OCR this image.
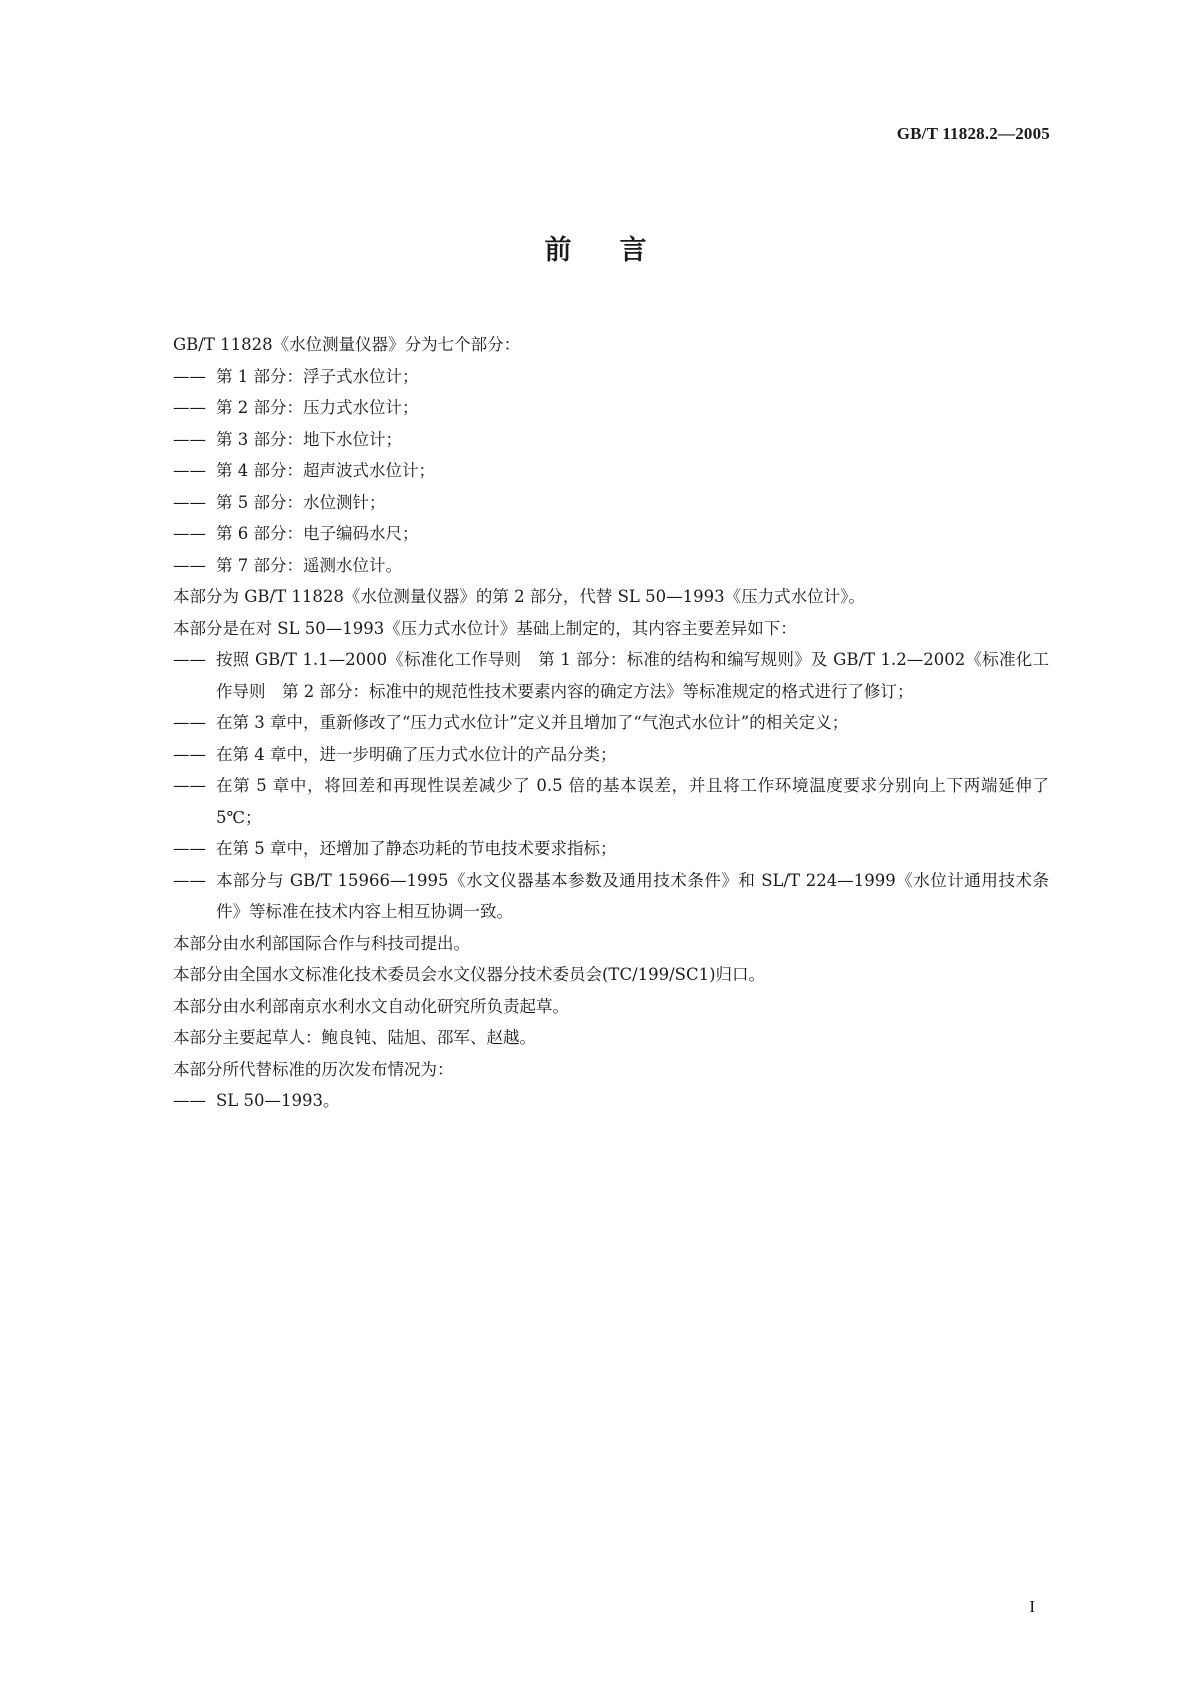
GB/T 11828.2—2005
前言

GB/T 11828《水位测量仪器》分为七个部分：

—— 第 1 部分：浮子式水位计；

—— 第 2 部分：压力式水位计；

—— 第 3 部分：地下水位计；

—— 第 4 部分：超声波式水位计；

—— 第 5 部分：水位测针；

—— 第 6 部分：电子编码水尺；

—— 第 7 部分：遥测水位计。

本部分为 GB/T 11828《水位测量仪器》的第 2 部分，代替 SL 50—1993《压力式水位计》。

本部分是在对 SL 50—1993《压力式水位计》基础上制定的，其内容主要差异如下：

—— 按照 GB/T 1.1—2000《标准化工作导则　第 1 部分：标准的结构和编写规则》及 GB/T 1.2—2002《标准化工作导则　第 2 部分：标准中的规范性技术要素内容的确定方法》等标准规定的格式进行了修订；

—— 在第 3 章中，重新修改了“压力式水位计”定义并且增加了“气泡式水位计”的相关定义；

—— 在第 4 章中，进一步明确了压力式水位计的产品分类；

—— 在第 5 章中，将回差和再现性误差减少了 0.5 倍的基本误差，并且将工作环境温度要求分别向上下两端延伸了 5℃；

—— 在第 5 章中，还增加了静态功耗的节电技术要求指标；

—— 本部分与 GB/T 15966—1995《水文仪器基本参数及通用技术条件》和 SL/T 224—1999《水位计通用技术条件》等标准在技术内容上相互协调一致。

本部分由水利部国际合作与科技司提出。

本部分由全国水文标准化技术委员会水文仪器分技术委员会(TC/199/SC1)归口。

本部分由水利部南京水利水文自动化研究所负责起草。

本部分主要起草人：鲍良钝、陆旭、邵军、赵越。

本部分所代替标准的历次发布情况为：

—— SL 50—1993。

I
